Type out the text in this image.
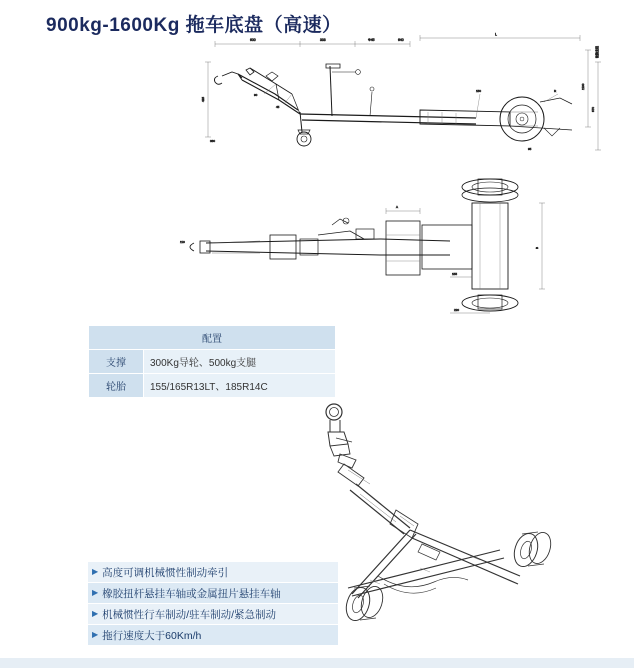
900kg-1600Kg 拖车底盘（高速）
600	333	Φ45	640
L
1100
870
425
90
45
R
150
95
轮胎直径
380
A
B
155
220
110
配置	
支撑	300Kg导轮、500kg支腿
轮胎	155/165R13LT、185R14C
▶ 高度可调机械惯性制动牵引
▶ 橡胶扭杆悬挂车轴或金属扭片悬挂车轴
▶ 机械惯性行车制动/驻车制动/紧急制动
▶ 拖行速度大于60Km/h
